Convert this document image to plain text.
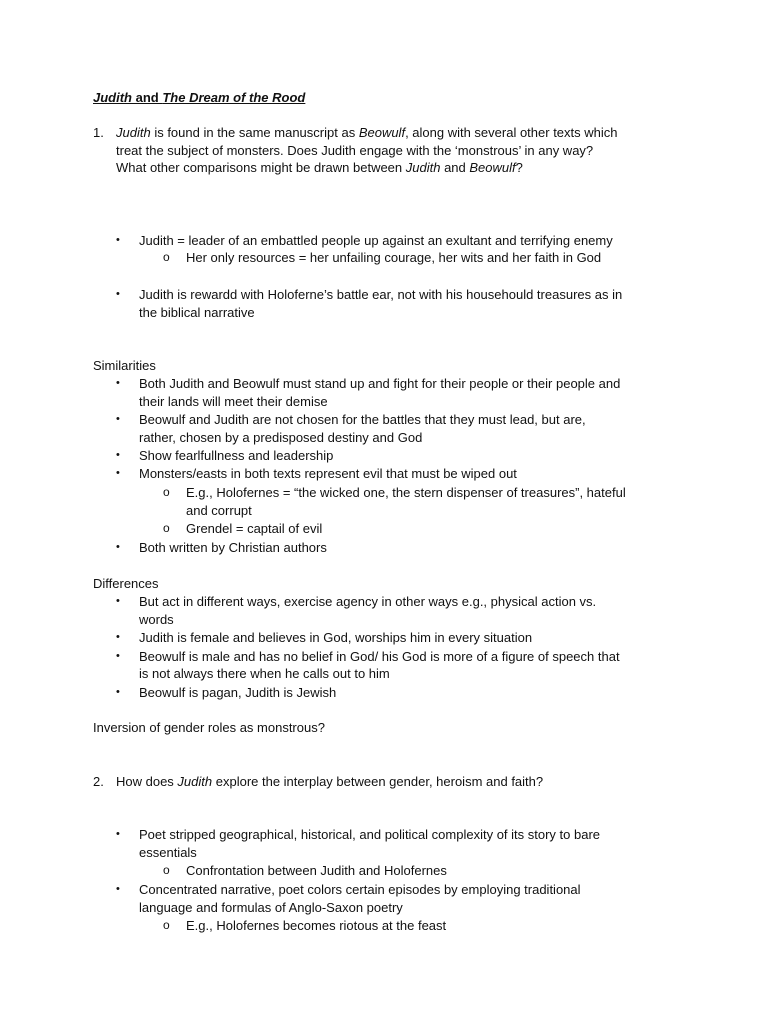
Judith and The Dream of the Rood
1. Judith is found in the same manuscript as Beowulf, along with several other texts which
treat the subject of monsters. Does Judith engage with the ‘monstrous’ in any way?
What other comparisons might be drawn between Judith and Beowulf?
• Judith = leader of an embattled people up against an exultant and terrifying enemy
o Her only resources = her unfailing courage, her wits and her faith in God
• Judith is rewardd with Holoferne’s battle ear, not with his househould treasures as in
the biblical narrative
Similarities
• Both Judith and Beowulf must stand up and fight for their people or their people and
their lands will meet their demise
• Beowulf and Judith are not chosen for the battles that they must lead, but are,
rather, chosen by a predisposed destiny and God
• Show fearlfullness and leadership
• Monsters/easts in both texts represent evil that must be wiped out
o E.g., Holofernes = “the wicked one, the stern dispenser of treasures”, hateful
and corrupt
o Grendel = captail of evil
• Both written by Christian authors
Differences
• But act in different ways, exercise agency in other ways e.g., physical action vs.
words
• Judith is female and believes in God, worships him in every situation
• Beowulf is male and has no belief in God/ his God is more of a figure of speech that
is not always there when he calls out to him
• Beowulf is pagan, Judith is Jewish
Inversion of gender roles as monstrous?
2. How does Judith explore the interplay between gender, heroism and faith?
• Poet stripped geographical, historical, and political complexity of its story to bare
essentials
o Confrontation between Judith and Holofernes
• Concentrated narrative, poet colors certain episodes by employing traditional
language and formulas of Anglo-Saxon poetry
o E.g., Holofernes becomes riotous at the feast
